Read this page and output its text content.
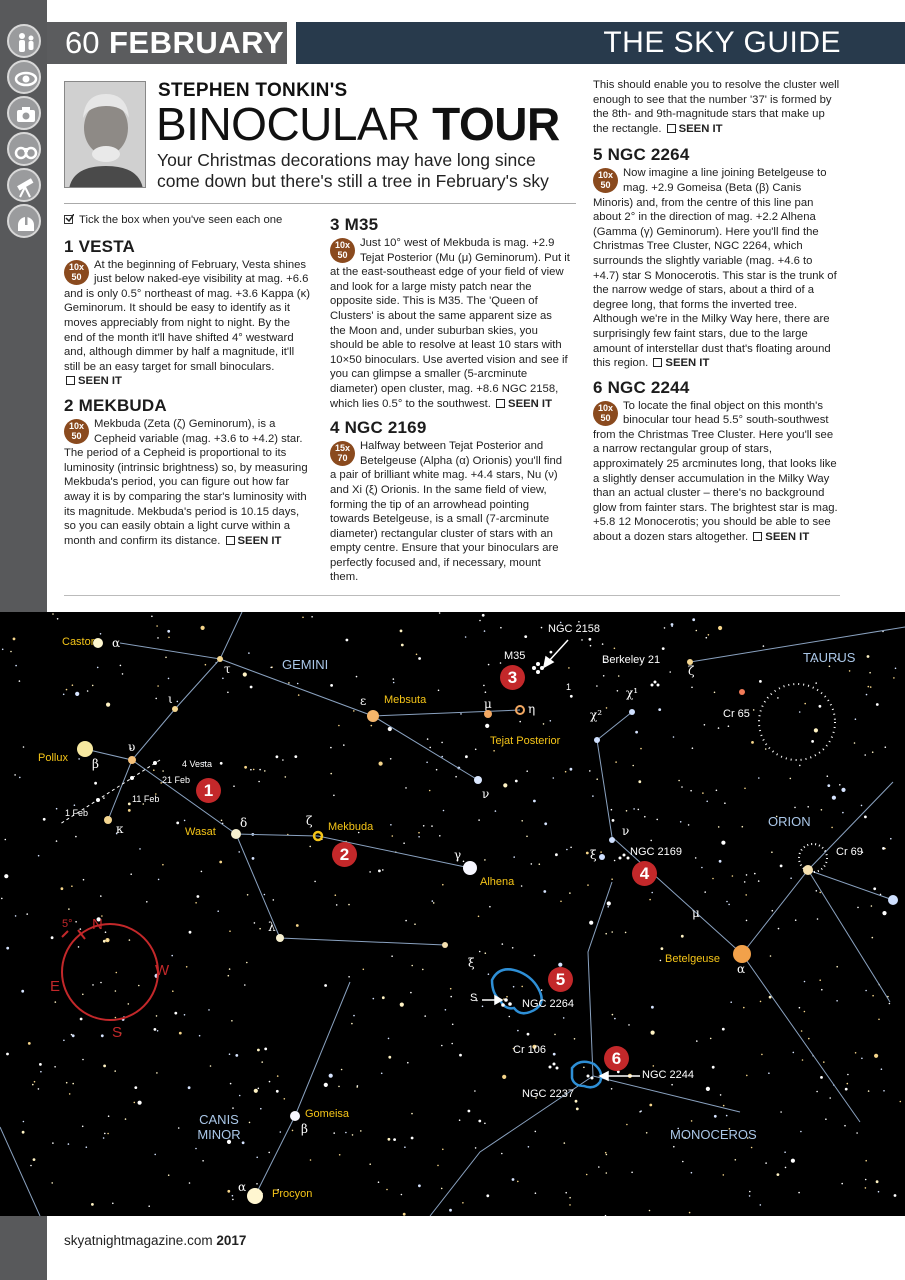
60 FEBRUARY	THE SKY GUIDE
STEPHEN TONKIN'S
BINOCULAR TOUR
Your Christmas decorations may have long since come down but there's still a tree in February's sky
Tick the box when you've seen each one
1 VESTA
10x
50

At the beginning of February, Vesta shines just below naked-eye visibility at mag. +6.6 and is only 0.5° northeast of mag. +3.6 Kappa (κ) Geminorum. It should be easy to identify as it moves appreciably from night to night. By the end of the month it'll have shifted 4° westward and, although dimmer by half a magnitude, it'll still be an easy target for small binoculars. SEEN IT

2 MEKBUDA
10x
50

Mekbuda (Zeta (ζ) Geminorum), is a Cepheid variable (mag. +3.6 to +4.2) star. The period of a Cepheid is proportional to its luminosity (intrinsic brightness) so, by measuring Mekbuda's period, you can figure out how far away it is by comparing the star's luminosity with its magnitude. Mekbuda's period is 10.15 days, so you can easily obtain a light curve within a month and confirm its distance. SEEN IT

3 M35
10x
50

Just 10° west of Mekbuda is mag. +2.9 Tejat Posterior (Mu (μ) Geminorum). Put it at the east-southeast edge of your field of view and look for a large misty patch near the opposite side. This is M35. The 'Queen of Clusters' is about the same apparent size as the Moon and, under suburban skies, you should be able to resolve at least 10 stars with 10×50 binoculars. Use averted vision and see if you can glimpse a smaller (5-arcminute diameter) open cluster, mag. +8.6 NGC 2158, which lies 0.5° to the southwest. SEEN IT

4 NGC 2169
15x
70

Halfway between Tejat Posterior and Betelgeuse (Alpha (α) Orionis) you'll find a pair of brilliant white mag. +4.4 stars, Nu (ν) and Xi (ξ) Orionis. In the same field of view, forming the tip of an arrowhead pointing towards Betelgeuse, is a small (7-arcminute diameter) rectangular cluster of stars with an empty centre. Ensure that your binoculars are perfectly focused and, if necessary, mount them.

This should enable you to resolve the cluster well enough to see that the number '37' is formed by the 8th- and 9th-magnitude stars that make up the rectangle. SEEN IT

5 NGC 2264
10x
50

Now imagine a line joining Betelgeuse to mag. +2.9 Gomeisa (Beta (β) Canis Minoris) and, from the centre of this line pan about 2° in the direction of mag. +2.2 Alhena (Gamma (γ) Geminorum). Here you'll find the Christmas Tree Cluster, NGC 2264, which surrounds the slightly variable (mag. +4.6 to +4.7) star S Monocerotis. This star is the trunk of the narrow wedge of stars, about a third of a degree long, that forms the inverted tree. Although we're in the Milky Way here, there are surprisingly few faint stars, due to the large amount of interstellar dust that's floating around this region. SEEN IT

6 NGC 2244
10x
50

To locate the final object on this month's binocular tour head 5.5° south-southwest from the Christmas Tree Cluster. Here you'll see a narrow rectangular group of stars, approximately 25 arcminutes long, that looks like a slightly denser accumulation in the Milky Way than an actual cluster – there's no background glow from fainter stars. The brightest star is mag. +5.8 12 Monocerotis; you should be able to see about a dozen stars altogether. SEEN IT

1
2
3
4
5
6
GEMINI	TAURUS
ORION
CANIS MINOR	MONOCEROS
Castor
Pollux
Mebsuta
Tejat Posterior
Wasat	Mekbuda
Alhena
Betelgeuse
Gomeisa
Procyon
NGC 2158
M35	Berkeley 21
Cr 65
NGC 2169	Cr 69
NGC 2264
Cr 106
NGC 2237
NGC 2244
S
4 Vesta
21 Feb
11 Feb
1 Feb
α
τ
ι
υ
β
κ
ε	μ	η
ν
δ	ζ
γ
λ
ξ
χ²
χ¹
ν
ξ
μ
α
β
α
ζ
1
N
E
S
W
5°
skyatnightmagazine.com 2017
